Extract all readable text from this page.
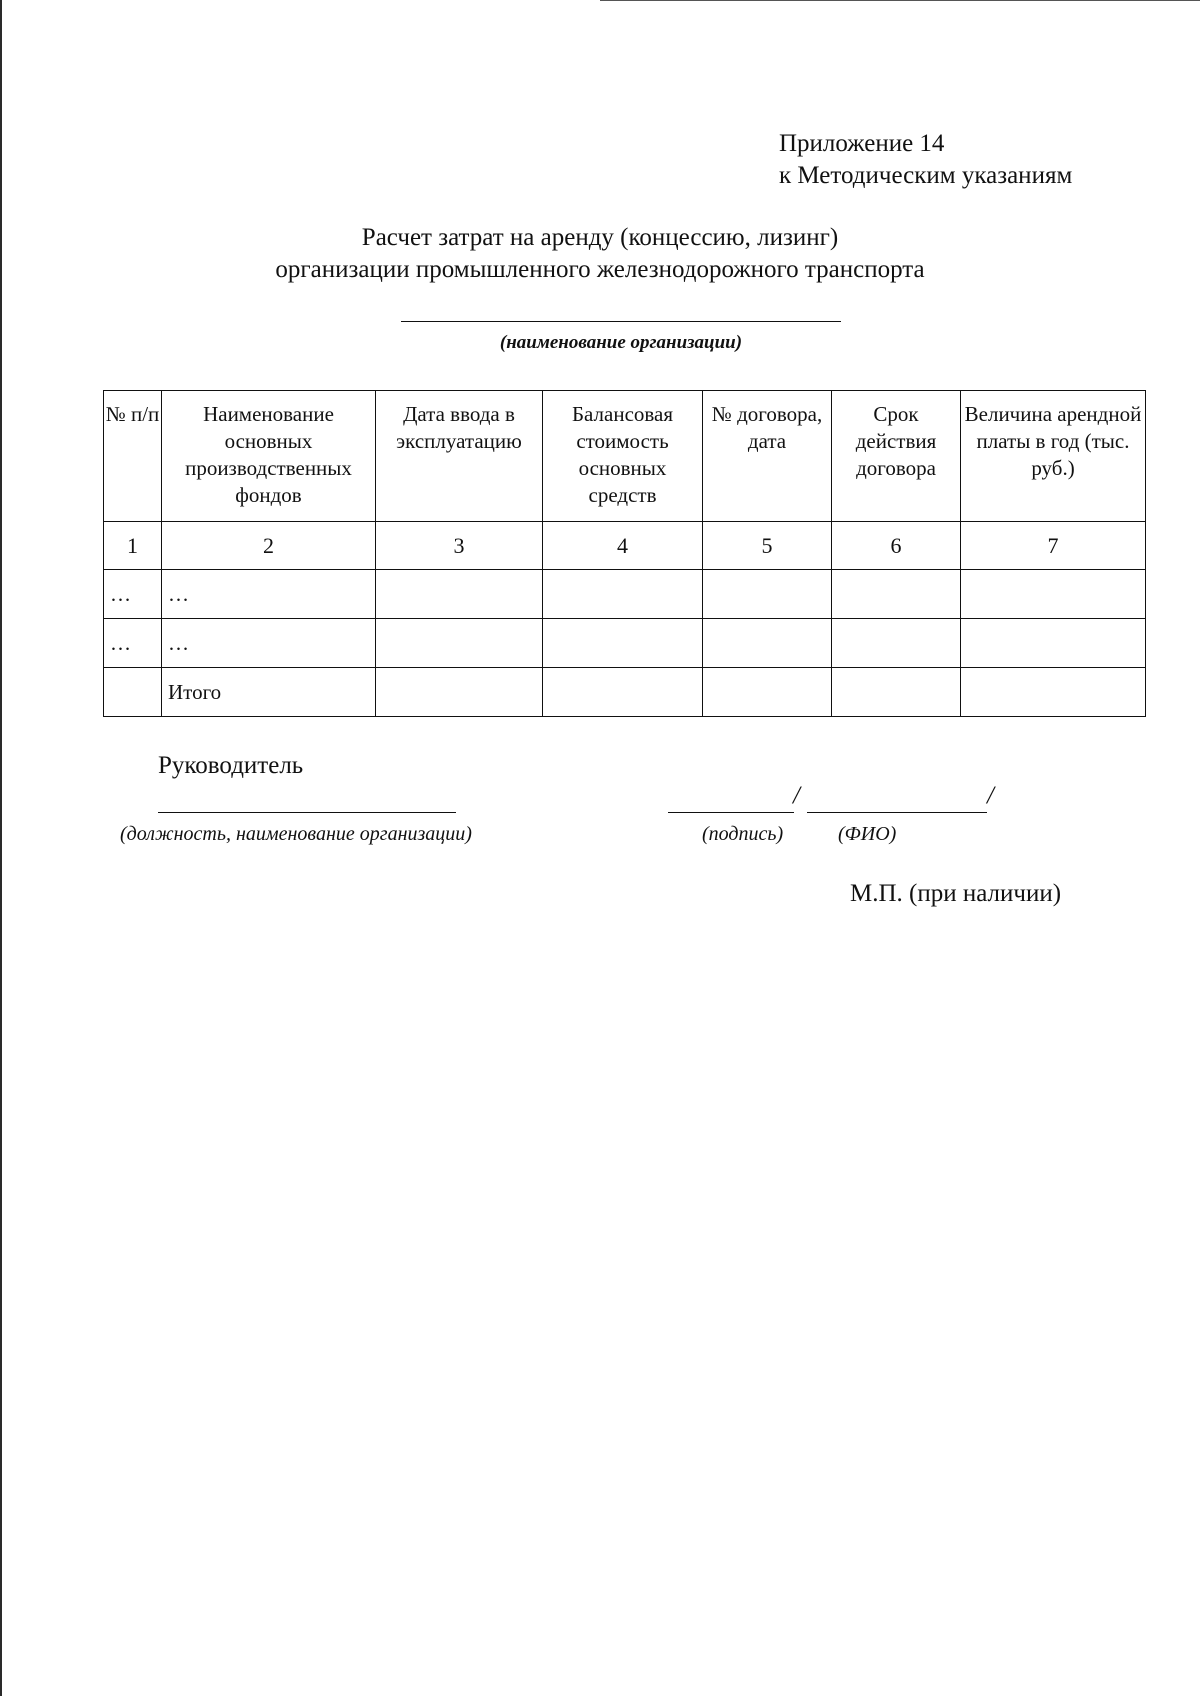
Приложение 14
к Методическим указаниям
Расчет затрат на аренду (концессию, лизинг)
организации промышленного железнодорожного транспорта
(наименование организации)
№ п/п	Наименование основных производственных фондов	Дата ввода в эксплуатацию	Балансовая стоимость основных средств	№ договора, дата	Срок действия договора	Величина арендной платы в год (тыс. руб.)
1	2	3	4	5	6	7
…	…					
…	…					
	Итого					
Руководитель
(должность, наименование организации)
/	/
(подпись)	(ФИО)
М.П. (при наличии)
